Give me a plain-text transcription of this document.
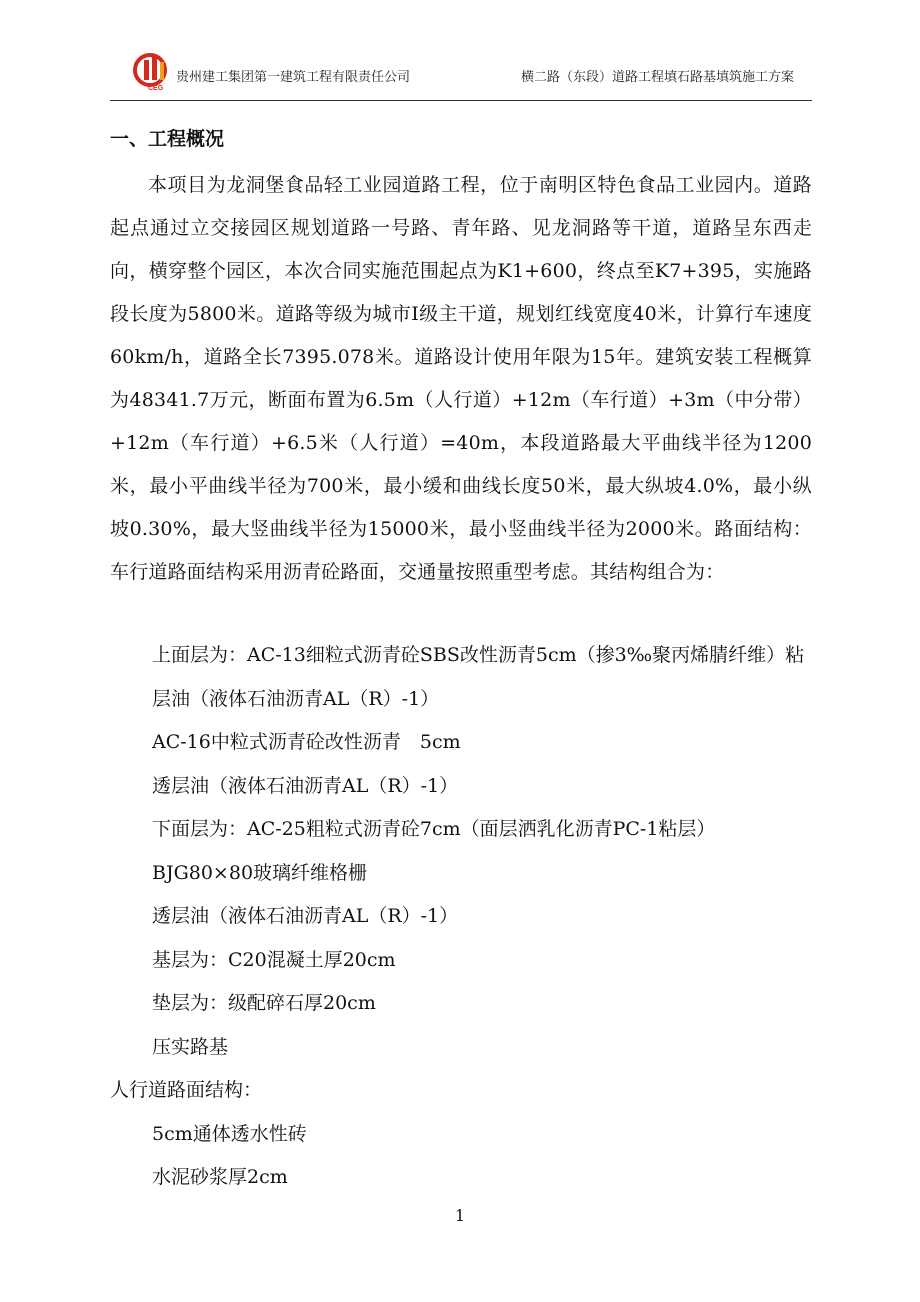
CEG
贵州建工集团第一建筑工程有限责任公司	横二路（东段）道路工程填石路基填筑施工方案
一、工程概况
本项目为龙洞堡食品轻工业园道路工程，位于南明区特色食品工业园内。道路起点通过立交接园区规划道路一号路、青年路、见龙洞路等干道，道路呈东西走向，横穿整个园区，本次合同实施范围起点为K1+600，终点至K7+395，实施路段长度为5800米。道路等级为城市Ⅰ级主干道，规划红线宽度40米，计算行车速度60km/h，道路全长7395.078米。道路设计使用年限为15年。建筑安装工程概算为48341.7万元，断面布置为6.5m（人行道）+12m（车行道）+3m（中分带）+12m（车行道）+6.5米（人行道）=40m，本段道路最大平曲线半径为1200米，最小平曲线半径为700米，最小缓和曲线长度50米，最大纵坡4.0%，最小纵坡0.30%，最大竖曲线半径为15000米，最小竖曲线半径为2000米。路面结构：车行道路面结构采用沥青砼路面，交通量按照重型考虑。其结构组合为：
上面层为：AC-13细粒式沥青砼SBS改性沥青5cm（掺3‰聚丙烯腈纤维）粘层油（液体石油沥青AL（R）-1）
AC-16中粒式沥青砼改性沥青　5cm
透层油（液体石油沥青AL（R）-1）
下面层为：AC-25粗粒式沥青砼7cm（面层洒乳化沥青PC-1粘层）
BJG80×80玻璃纤维格栅
透层油（液体石油沥青AL（R）-1）
基层为：C20混凝土厚20cm
垫层为：级配碎石厚20cm
压实路基
人行道路面结构：
5cm通体透水性砖
水泥砂浆厚2cm
1
